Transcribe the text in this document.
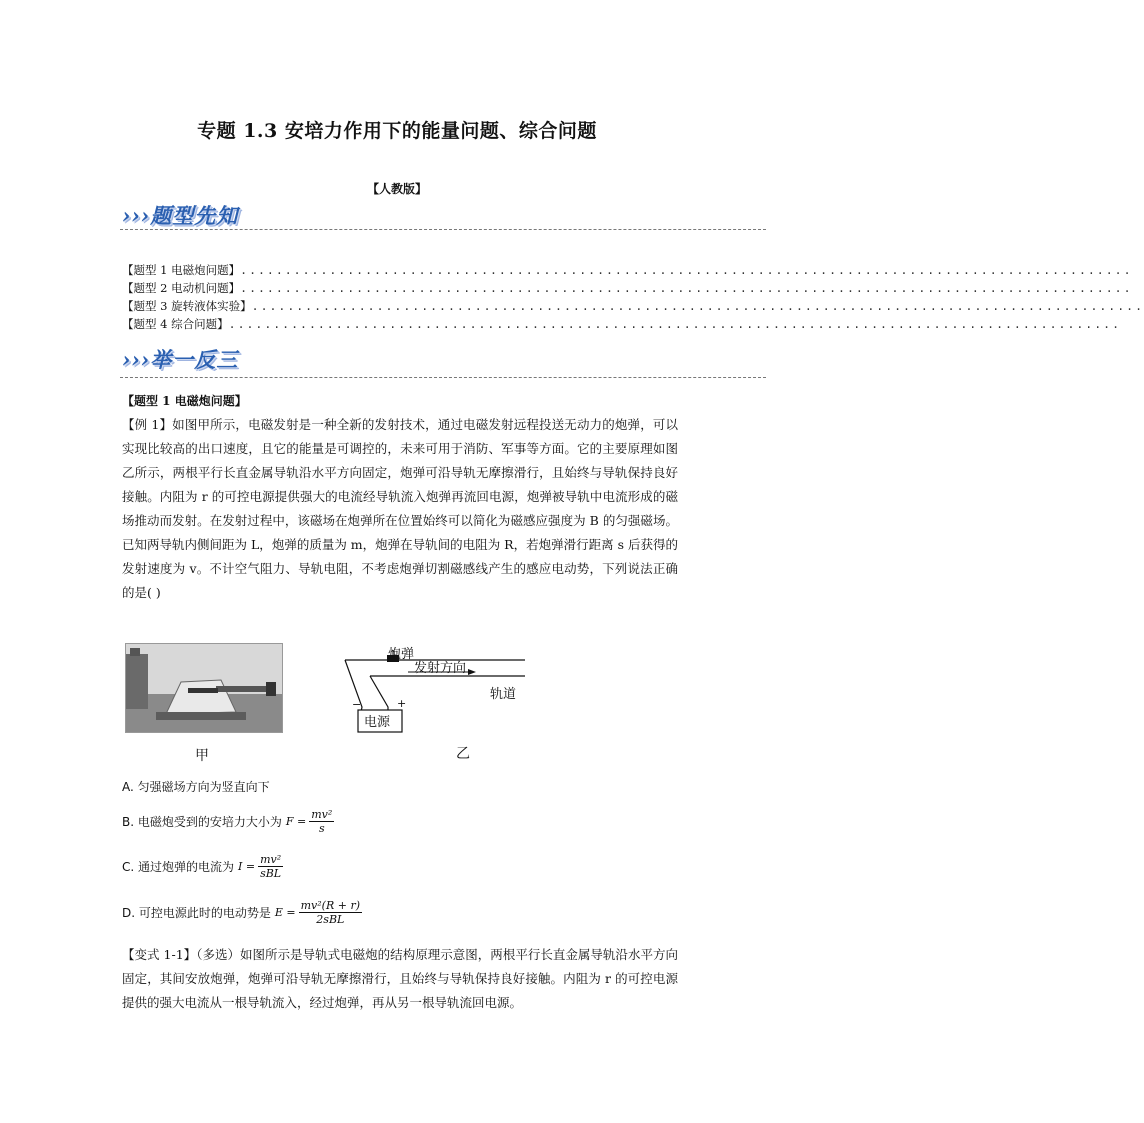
专题 1.3 安培力作用下的能量问题、综合问题
【人教版】
›››题型先知
【题型 1 电磁炮问题】 ....................................................................................................
【题型 2 电动机问题】 ....................................................................................................
【题型 3 旋转液体实验】 ....................................................................................................
【题型 4 综合问题】 ....................................................................................................
›››举一反三
【题型 1 电磁炮问题】
【例 1】如图甲所示，电磁发射是一种全新的发射技术，通过电磁发射远程投送无动力的炮弹，可以实现比较高的出口速度，且它的能量是可调控的，未来可用于消防、军事等方面。它的主要原理如图乙所示，两根平行长直金属导轨沿水平方向固定，炮弹可沿导轨无摩擦滑行，且始终与导轨保持良好接触。内阻为 r 的可控电源提供强大的电流经导轨流入炮弹再流回电源，炮弹被导轨中电流形成的磁场推动而发射。在发射过程中，该磁场在炮弹所在位置始终可以简化为磁感应强度为 B 的匀强磁场。已知两导轨内侧间距为 L，炮弹的质量为 m，炮弹在导轨间的电阻为 R，若炮弹滑行距离 s 后获得的发射速度为 v。不计空气阻力、导轨电阻，不考虑炮弹切割磁感线产生的感应电动势，下列说法正确的是( )
甲
炮弹
发射方向
轨道
电源
−	+
乙
A. 匀强磁场方向为竖直向下
B. 电磁炮受到的安培力大小为 $F = \frac{\text{mv²}}{s}$
C. 通过炮弹的电流为 $I = \frac{\text{mv²}}{\text{sBL}}$
D. 可控电源此时的电动势是 $E = \frac{\text{mv²(R + r)}}{\text{2sBL}}$
【变式 1-1】（多选）如图所示是导轨式电磁炮的结构原理示意图，两根平行长直金属导轨沿水平方向固定，其间安放炮弹，炮弹可沿导轨无摩擦滑行，且始终与导轨保持良好接触。内阻为 r 的可控电源提供的强大电流从一根导轨流入，经过炮弹，再从另一根导轨流回电源。
